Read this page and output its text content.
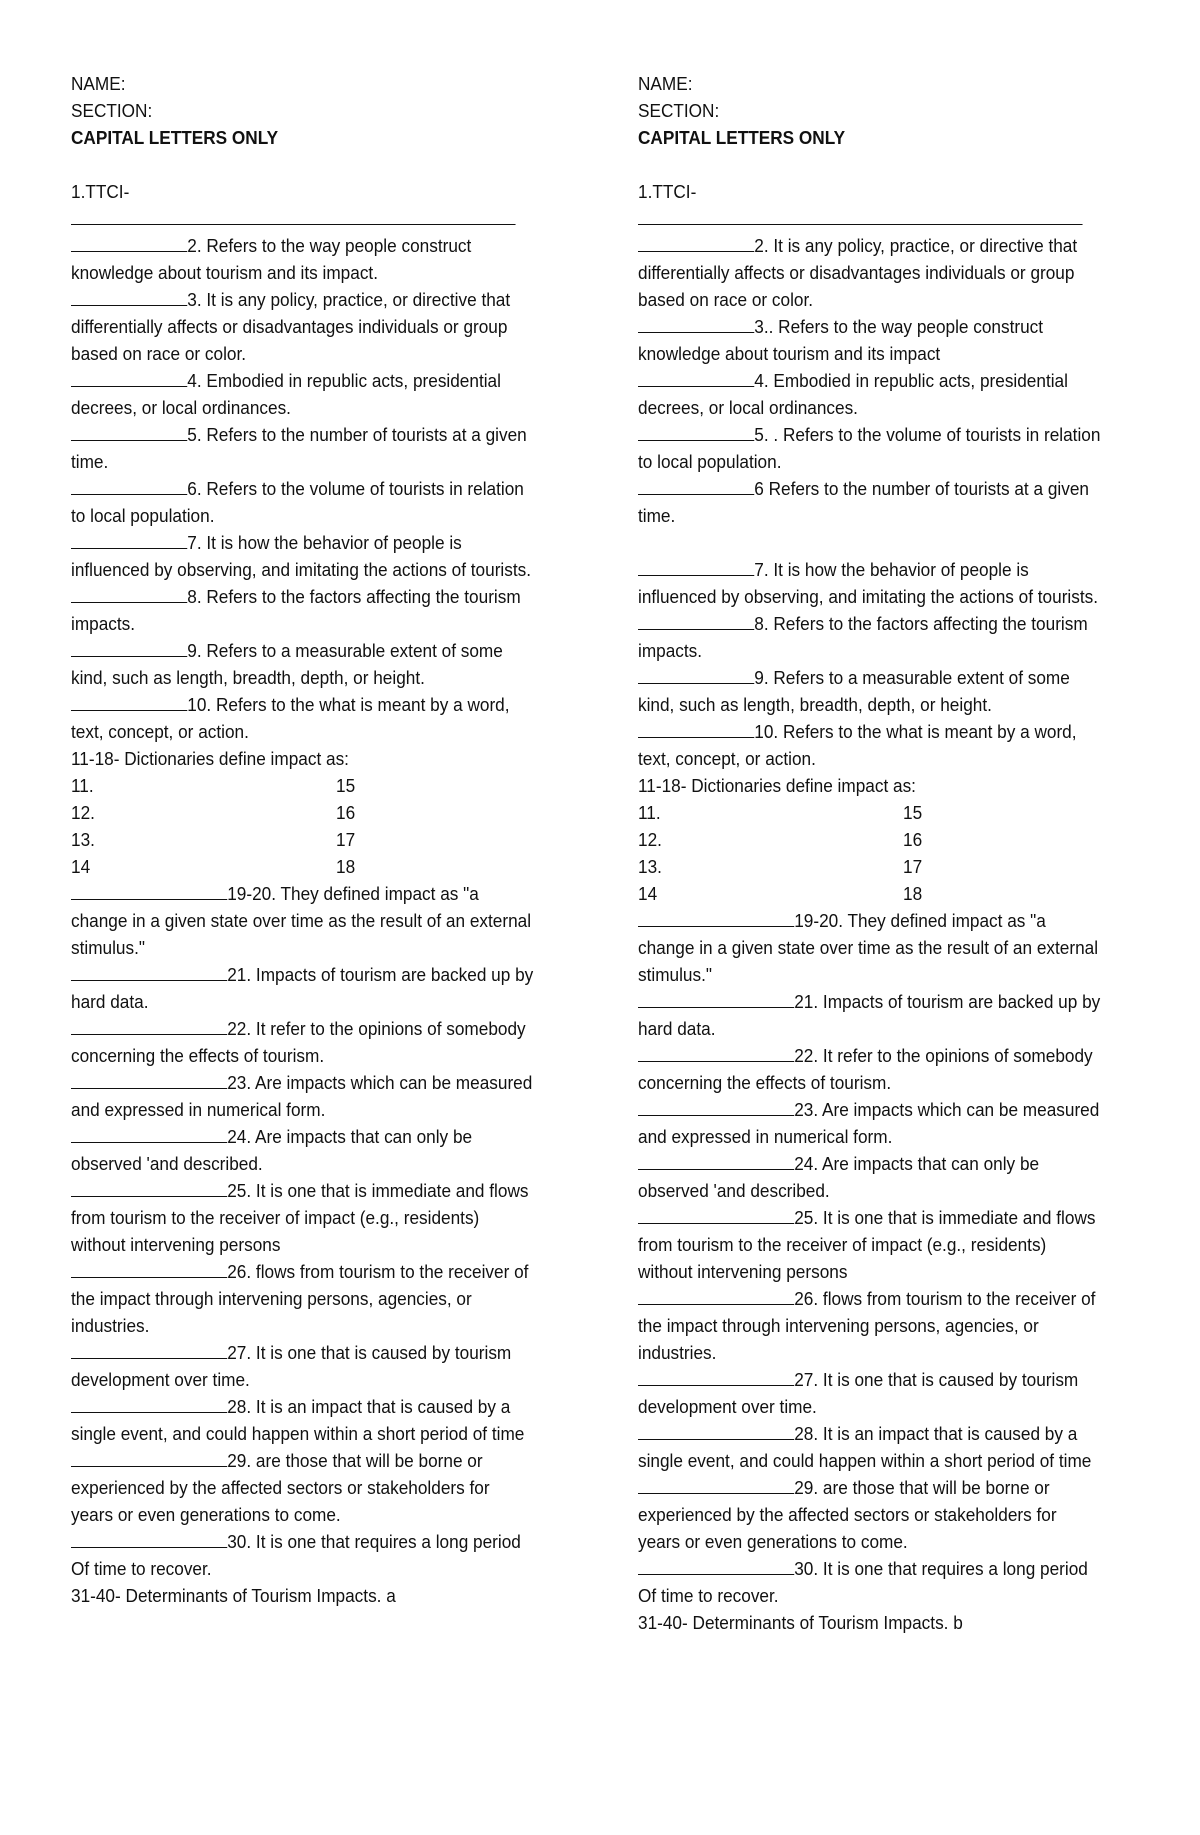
NAME:

SECTION:

CAPITAL LETTERS ONLY

1.TTCI-

2. Refers to the way people construct knowledge about tourism and its impact.

3. It is any policy, practice, or directive that differentially affects or disadvantages individuals or group based on race or color.

4. Embodied in republic acts, presidential decrees, or local ordinances.

5. Refers to the number of tourists at a given time.

6. Refers to the volume of tourists in relation to local population.

7. It is how the behavior of people is influenced by observing, and imitating the actions of tourists.

8. Refers to the factors affecting the tourism impacts.

9. Refers to a measurable extent of some kind, such as length, breadth, depth, or height.

10. Refers to the what is meant by a word, text, concept, or action.

11-18- Dictionaries define impact as:

11.	15
12.	16
13.	17
14	18

19-20. They defined impact as "a change in a given state over time as the result of an external stimulus."

21. Impacts of tourism are backed up by hard data.

22. It refer to the opinions of somebody concerning the effects of tourism.

23. Are impacts which can be measured and expressed in numerical form.

24. Are impacts that can only be observed 'and described.

25. It is one that is immediate and flows from tourism to the receiver of impact (e.g., residents) without intervening persons

26. flows from tourism to the receiver of the impact through intervening persons, agencies, or industries.

27. It is one that is caused by tourism development over time.

28. It is an impact that is caused by a single event, and could happen within a short period of time

29. are those that will be borne or experienced by the affected sectors or stakeholders for years or even generations to come.

30. It is one that requires a long period Of time to recover.

31-40- Determinants of Tourism Impacts. a

NAME:

SECTION:

CAPITAL LETTERS ONLY

1.TTCI-

2. It is any policy, practice, or directive that differentially affects or disadvantages individuals or group based on race or color.

3.. Refers to the way people construct knowledge about tourism and its impact

4. Embodied in republic acts, presidential decrees, or local ordinances.

5. . Refers to the volume of tourists in relation to local population.

6 Refers to the number of tourists at a given time.

7. It is how the behavior of people is influenced by observing, and imitating the actions of tourists.

8. Refers to the factors affecting the tourism impacts.

9. Refers to a measurable extent of some kind, such as length, breadth, depth, or height.

10. Refers to the what is meant by a word, text, concept, or action.

11-18- Dictionaries define impact as:

11.	15
12.	16
13.	17
14	18

19-20. They defined impact as "a change in a given state over time as the result of an external stimulus."

21. Impacts of tourism are backed up by hard data.

22. It refer to the opinions of somebody concerning the effects of tourism.

23. Are impacts which can be measured and expressed in numerical form.

24. Are impacts that can only be observed 'and described.

25. It is one that is immediate and flows from tourism to the receiver of impact (e.g., residents) without intervening persons

26. flows from tourism to the receiver of the impact through intervening persons, agencies, or industries.

27. It is one that is caused by tourism development over time.

28. It is an impact that is caused by a single event, and could happen within a short period of time

29. are those that will be borne or experienced by the affected sectors or stakeholders for years or even generations to come.

30. It is one that requires a long period Of time to recover.

31-40- Determinants of Tourism Impacts. b
